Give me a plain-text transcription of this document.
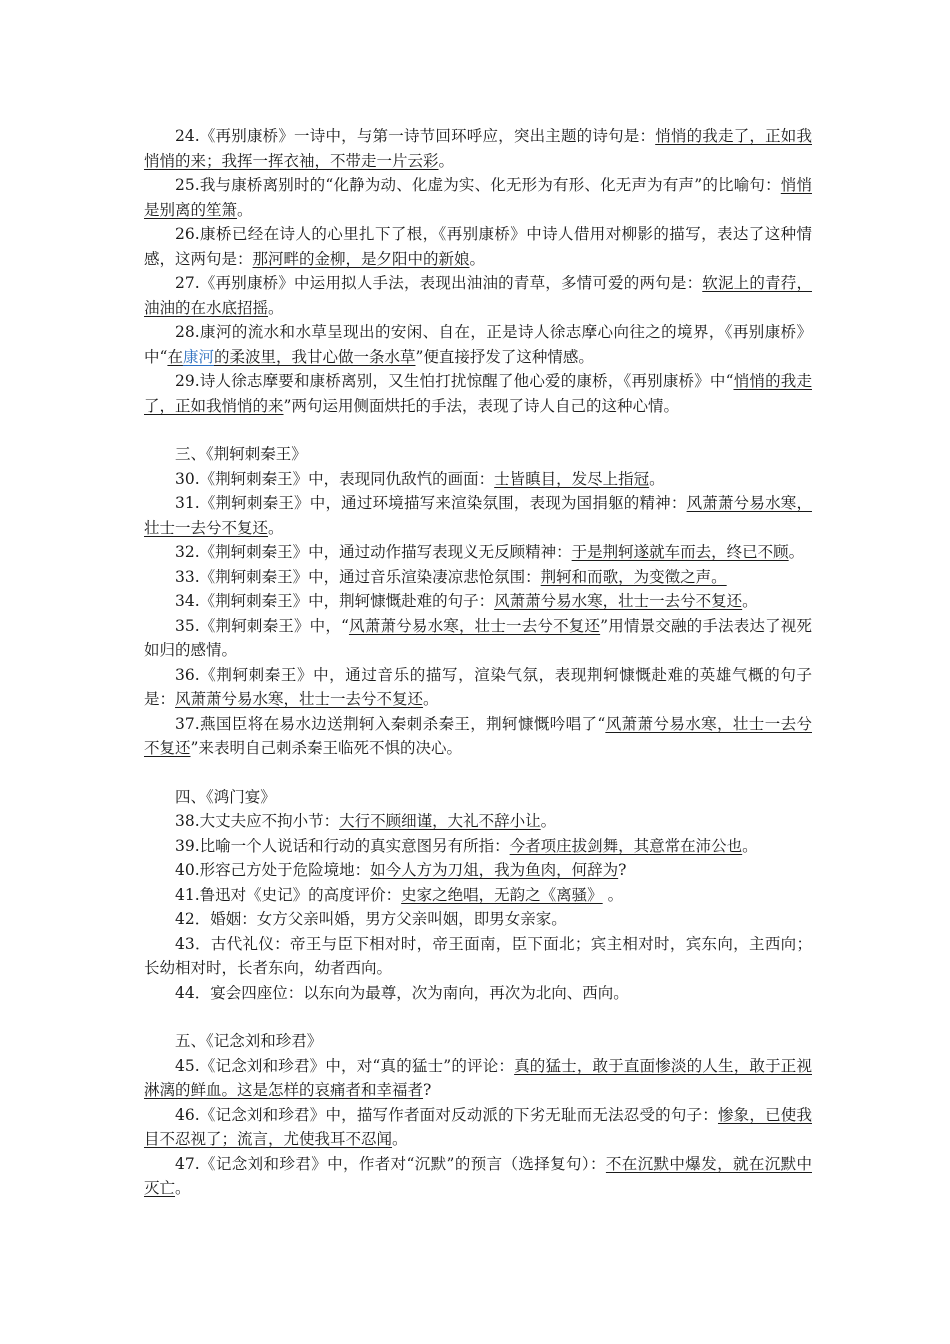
24.《再别康桥》一诗中，与第一诗节回环呼应，突出主题的诗句是：悄悄的我走了，正如我悄悄的来；我挥一挥衣袖，不带走一片云彩。

25.我与康桥离别时的“化静为动、化虚为实、化无形为有形、化无声为有声”的比喻句：悄悄是别离的笙箫。

26.康桥已经在诗人的心里扎下了根，《再别康桥》中诗人借用对柳影的描写，表达了这种情感，这两句是：那河畔的金柳，是夕阳中的新娘。

27.《再别康桥》中运用拟人手法，表现出油油的青草，多情可爱的两句是：软泥上的青荇，油油的在水底招摇。

28.康河的流水和水草呈现出的安闲、自在，正是诗人徐志摩心向往之的境界，《再别康桥》中“在康河的柔波里，我甘心做一条水草”便直接抒发了这种情感。

29.诗人徐志摩要和康桥离别，又生怕打扰惊醒了他心爱的康桥，《再别康桥》中“悄悄的我走了，正如我悄悄的来”两句运用侧面烘托的手法，表现了诗人自己的这种心情。

三、《荆轲刺秦王》

30.《荆轲刺秦王》中，表现同仇敌忾的画面：士皆瞋目，发尽上指冠。

31.《荆轲刺秦王》中，通过环境描写来渲染氛围，表现为国捐躯的精神：风萧萧兮易水寒，壮士一去兮不复还。

32.《荆轲刺秦王》中，通过动作描写表现义无反顾精神：于是荆轲遂就车而去，终已不顾。

33.《荆轲刺秦王》中，通过音乐渲染凄凉悲怆氛围：荆轲和而歌，为变徵之声。

34.《荆轲刺秦王》中，荆轲慷慨赴难的句子：风萧萧兮易水寒，壮士一去兮不复还。

35.《荆轲刺秦王》中，“风萧萧兮易水寒，壮士一去兮不复还”用情景交融的手法表达了视死如归的感情。

36.《荆轲刺秦王》中，通过音乐的描写，渲染气氛，表现荆轲慷慨赴难的英雄气概的句子是：风萧萧兮易水寒，壮士一去兮不复还。

37.燕国臣将在易水边送荆轲入秦刺杀秦王，荆轲慷慨吟唱了“风萧萧兮易水寒，壮士一去兮不复还”来表明自己刺杀秦王临死不惧的决心。

四、《鸿门宴》

38.大丈夫应不拘小节：大行不顾细谨，大礼不辞小让。

39.比喻一个人说话和行动的真实意图另有所指：今者项庄拔剑舞，其意常在沛公也。

40.形容己方处于危险境地：如今人方为刀俎，我为鱼肉，何辞为?

41.鲁迅对《史记》的高度评价：史家之绝唱，无韵之《离骚》 。

42．婚姻：女方父亲叫婚，男方父亲叫姻，即男女亲家。

43．古代礼仪：帝王与臣下相对时，帝王面南，臣下面北；宾主相对时，宾东向，主西向；长幼相对时，长者东向，幼者西向。

44．宴会四座位：以东向为最尊，次为南向，再次为北向、西向。

五、《记念刘和珍君》

45.《记念刘和珍君》中，对“真的猛士”的评论：真的猛士，敢于直面惨淡的人生，敢于正视淋漓的鲜血。这是怎样的哀痛者和幸福者?

46.《记念刘和珍君》中，描写作者面对反动派的下劣无耻而无法忍受的句子：惨象，已使我目不忍视了；流言，尤使我耳不忍闻。

47.《记念刘和珍君》中，作者对“沉默”的预言（选择复句）：不在沉默中爆发，就在沉默中灭亡。
